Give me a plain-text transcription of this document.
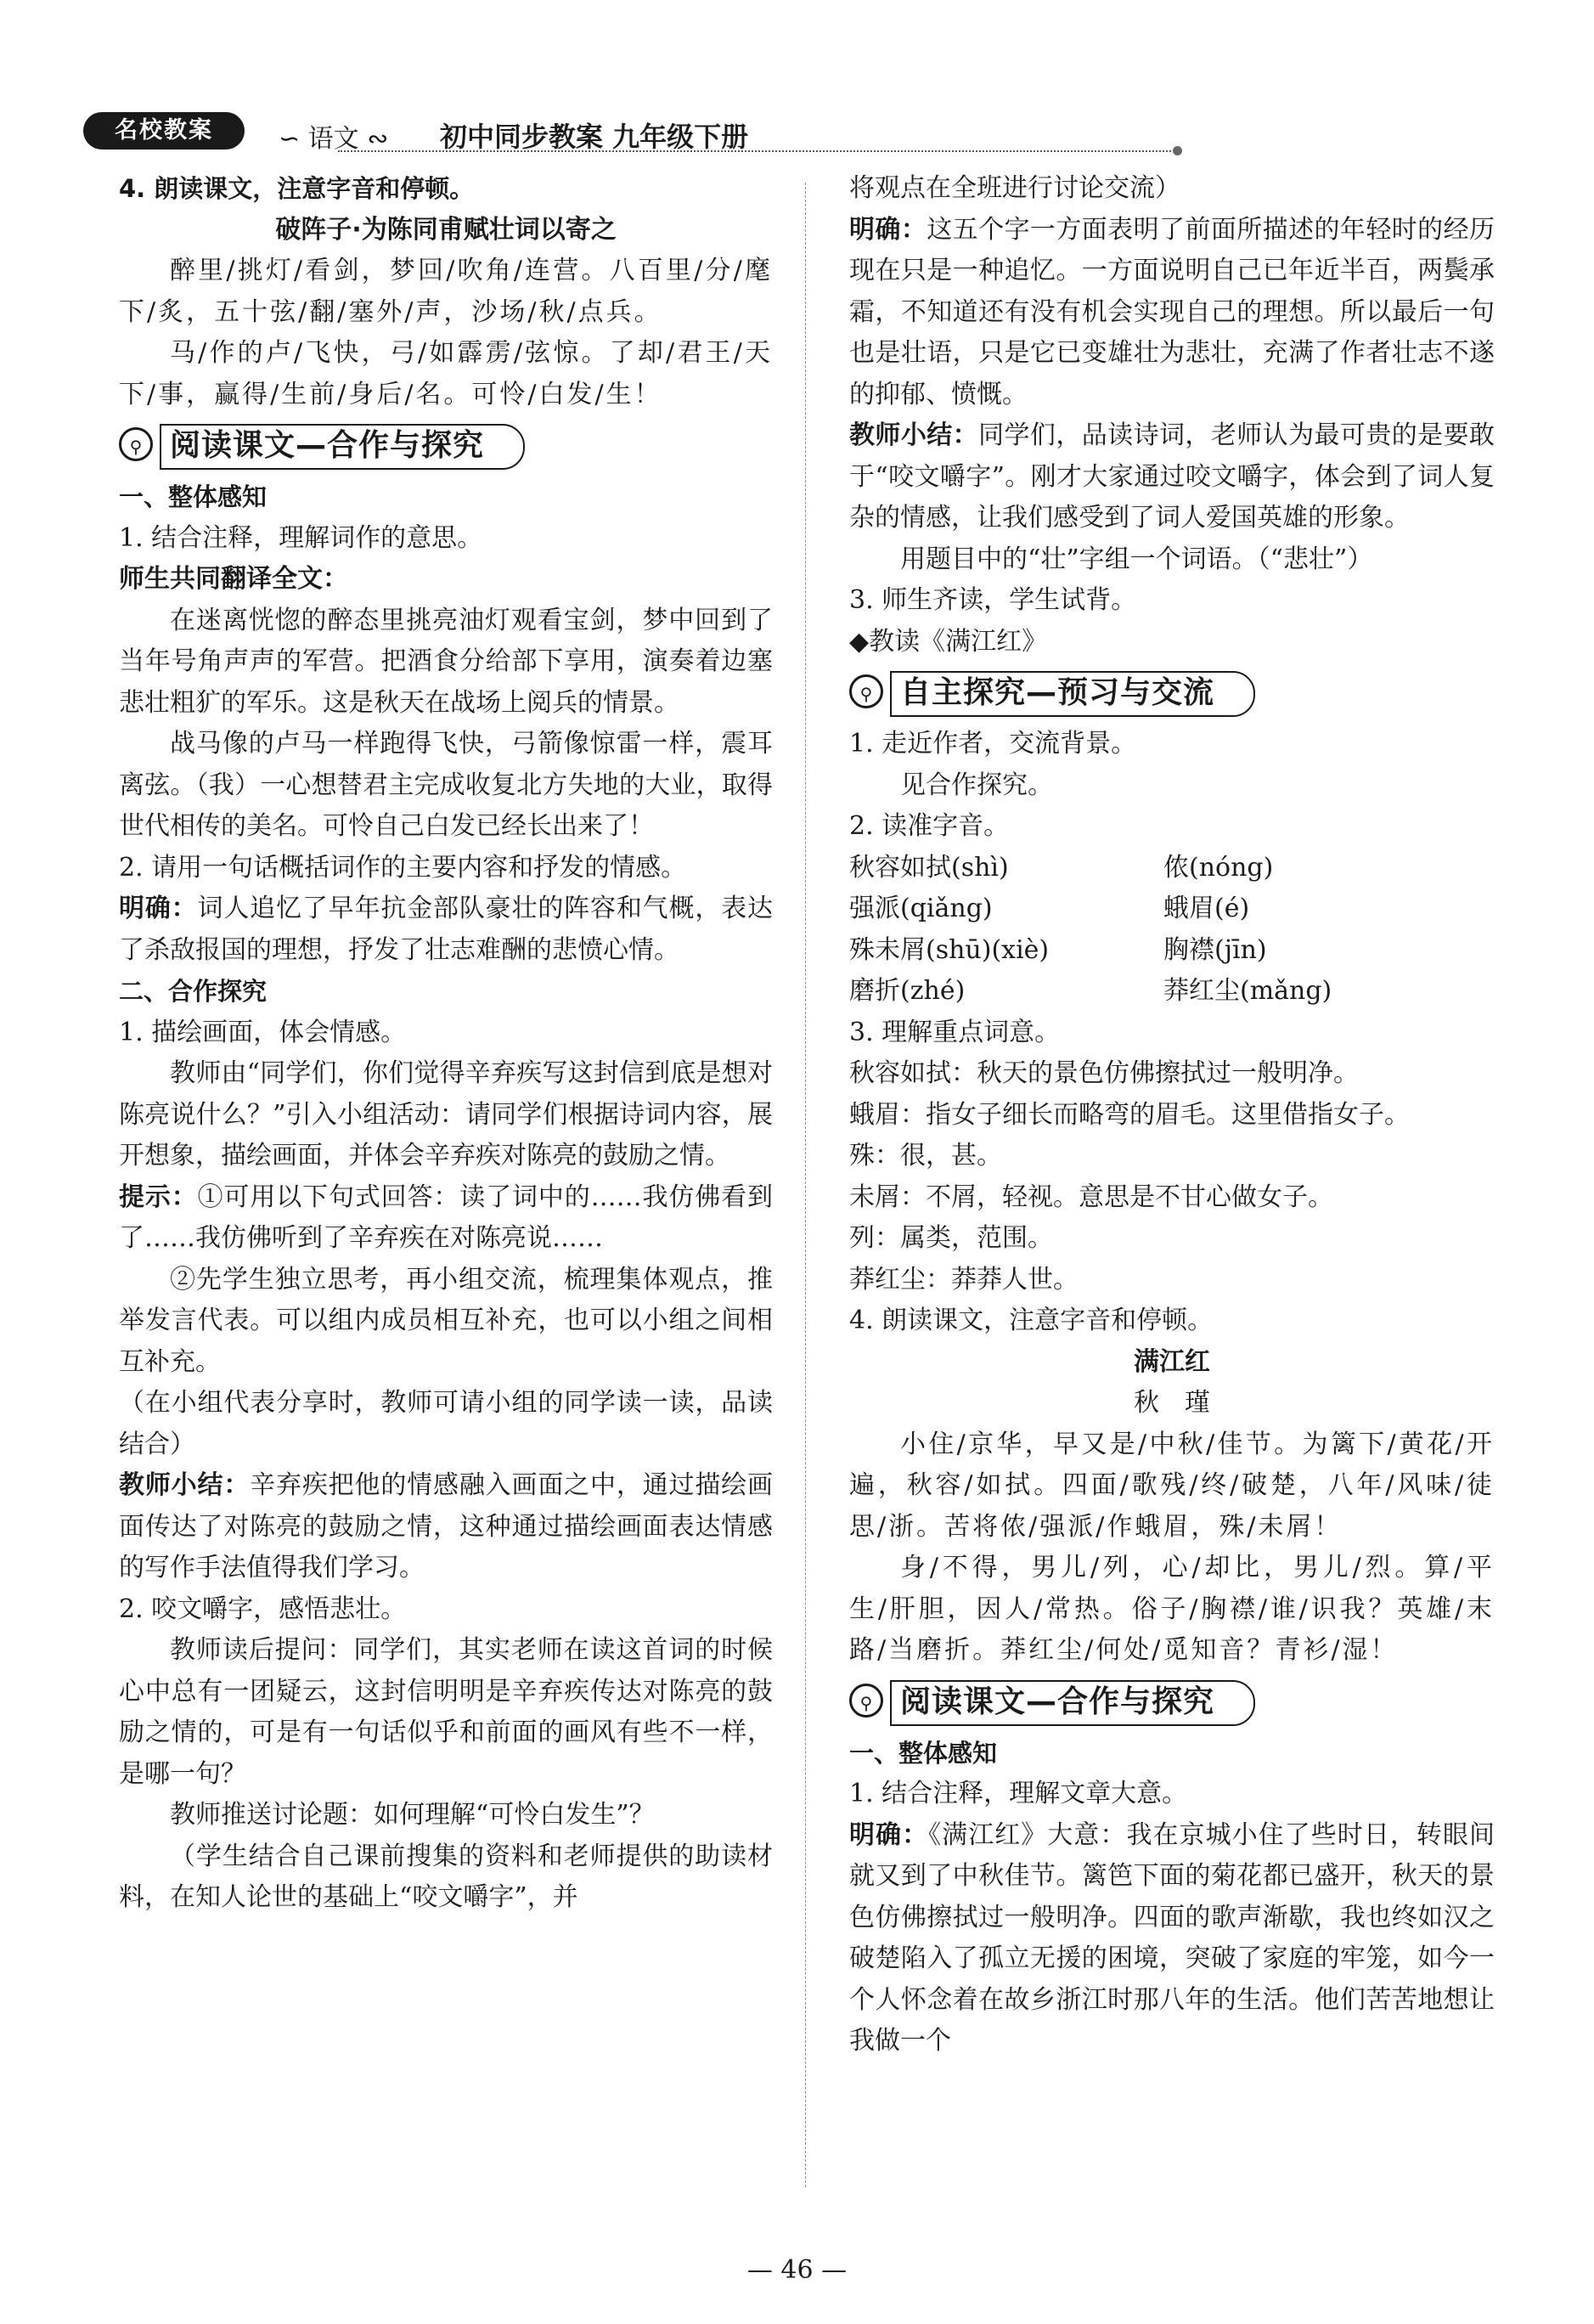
名校教案	∽ 语文 ∾ 初中同步教案 九年级下册

4. 朗读课文，注意字音和停顿。

破阵子·为陈同甫赋壮词以寄之

醉里/挑灯/看剑，梦回/吹角/连营。八百里/分/麾下/炙，五十弦/翻/塞外/声，沙场/秋/点兵。

马/作的卢/飞快，弓/如霹雳/弦惊。了却/君王/天下/事，赢得/生前/身后/名。可怜/白发/生！

⚲ 阅读课文—合作与探究

一、整体感知

1. 结合注释，理解词作的意思。

师生共同翻译全文：

在迷离恍惚的醉态里挑亮油灯观看宝剑，梦中回到了当年号角声声的军营。把酒食分给部下享用，演奏着边塞悲壮粗犷的军乐。这是秋天在战场上阅兵的情景。

战马像的卢马一样跑得飞快，弓箭像惊雷一样，震耳离弦。（我）一心想替君主完成收复北方失地的大业，取得世代相传的美名。可怜自己白发已经长出来了！

2. 请用一句话概括词作的主要内容和抒发的情感。

明确：词人追忆了早年抗金部队豪壮的阵容和气概，表达了杀敌报国的理想，抒发了壮志难酬的悲愤心情。

二、合作探究

1. 描绘画面，体会情感。

教师由“同学们，你们觉得辛弃疾写这封信到底是想对陈亮说什么？”引入小组活动：请同学们根据诗词内容，展开想象，描绘画面，并体会辛弃疾对陈亮的鼓励之情。

提示：①可用以下句式回答：读了词中的……我仿佛看到了……我仿佛听到了辛弃疾在对陈亮说……

②先学生独立思考，再小组交流，梳理集体观点，推举发言代表。可以组内成员相互补充，也可以小组之间相互补充。

（在小组代表分享时，教师可请小组的同学读一读，品读结合）

教师小结：辛弃疾把他的情感融入画面之中，通过描绘画面传达了对陈亮的鼓励之情，这种通过描绘画面表达情感的写作手法值得我们学习。

2. 咬文嚼字，感悟悲壮。

教师读后提问：同学们，其实老师在读这首词的时候心中总有一团疑云，这封信明明是辛弃疾传达对陈亮的鼓励之情的，可是有一句话似乎和前面的画风有些不一样，是哪一句？

教师推送讨论题：如何理解“可怜白发生”？

（学生结合自己课前搜集的资料和老师提供的助读材料，在知人论世的基础上“咬文嚼字”，并

将观点在全班进行讨论交流）

明确：这五个字一方面表明了前面所描述的年轻时的经历现在只是一种追忆。一方面说明自己已年近半百，两鬓承霜，不知道还有没有机会实现自己的理想。所以最后一句也是壮语，只是它已变雄壮为悲壮，充满了作者壮志不遂的抑郁、愤慨。

教师小结：同学们，品读诗词，老师认为最可贵的是要敢于“咬文嚼字”。刚才大家通过咬文嚼字，体会到了词人复杂的情感，让我们感受到了词人爱国英雄的形象。

用题目中的“壮”字组一个词语。（“悲壮”）

3. 师生齐读，学生试背。

◆教读《满江红》

⚲ 自主探究—预习与交流

1. 走近作者，交流背景。

见合作探究。

2. 读准字音。

秋容如拭(shì)	侬(nóng)
强派(qiǎng)	蛾眉(é)
殊未屑(shū)(xiè)	胸襟(jīn)
磨折(zhé)	莽红尘(mǎng)

3. 理解重点词意。

秋容如拭：秋天的景色仿佛擦拭过一般明净。

蛾眉：指女子细长而略弯的眉毛。这里借指女子。

殊：很，甚。

未屑：不屑，轻视。意思是不甘心做女子。

列：属类，范围。

莽红尘：莽莽人世。

4. 朗读课文，注意字音和停顿。

满江红

秋　瑾

小住/京华，早又是/中秋/佳节。为篱下/黄花/开遍，秋容/如拭。四面/歌残/终/破楚，八年/风味/徒思/浙。苦将侬/强派/作蛾眉，殊/未屑！

身/不得，男儿/列，心/却比，男儿/烈。算/平生/肝胆，因人/常热。俗子/胸襟/谁/识我？英雄/末路/当磨折。莽红尘/何处/觅知音？青衫/湿！

⚲ 阅读课文—合作与探究

一、整体感知

1. 结合注释，理解文章大意。

明确：《满江红》大意：我在京城小住了些时日，转眼间就又到了中秋佳节。篱笆下面的菊花都已盛开，秋天的景色仿佛擦拭过一般明净。四面的歌声渐歇，我也终如汉之破楚陷入了孤立无援的困境，突破了家庭的牢笼，如今一个人怀念着在故乡浙江时那八年的生活。他们苦苦地想让我做一个

— 46 —
